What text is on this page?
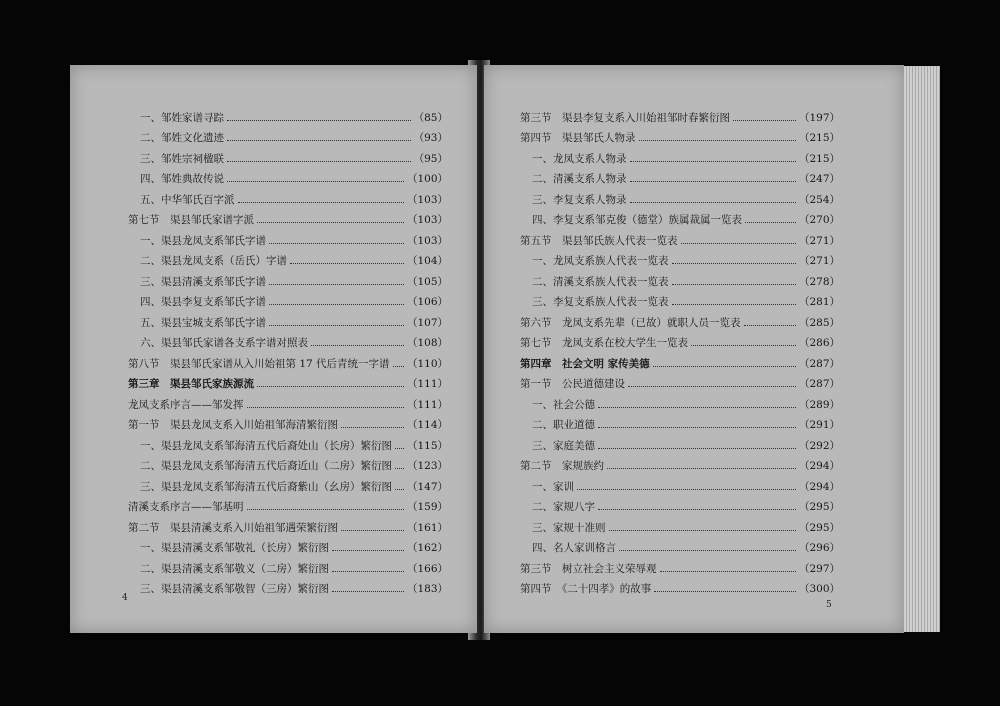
一、邹姓家谱寻踪	（85）
二、邹姓文化遗迹	（93）
三、邹姓宗祠楹联	（95）
四、邹姓典故传说	（100）
五、中华邹氏百字派	（103）
第七节　渠县邹氏家谱字派	（103）
一、渠县龙凤支系邹氏字谱	（103）
二、渠县龙凤支系（岳氏）字谱	（104）
三、渠县清溪支系邹氏字谱	（105）
四、渠县李复支系邹氏字谱	（106）
五、渠县宝城支系邹氏字谱	（107）
六、渠县邹氏家谱各支系字谱对照表	（108）
第八节　渠县邹氏家谱从入川始祖第 17 代后青统一字谱 （110）
第三章　渠县邹氏家族源流	（111）
龙凤支系序言——邹发挥	（111）
第一节　渠县龙凤支系入川始祖邹海清繁衍图	（114）
一、渠县龙凤支系邹海清五代后裔处山（长房）繁衍图 （115）
二、渠县龙凤支系邹海清五代后裔近山（二房）繁衍图 （123）
三、渠县龙凤支系邹海清五代后裔紫山（幺房）繁衍图 （147）
清溪支系序言——邹基明	（159）
第二节　渠县清溪支系入川始祖邹遇荣繁衍图	（161）
一、渠县清溪支系邹敬礼（长房）繁衍图	（162）
二、渠县清溪支系邹敬义（二房）繁衍图	（166）
三、渠县清溪支系邹敬智（三房）繁衍图	（183）
4
第三节　渠县李复支系入川始祖邹时春繁衍图	（197）
第四节　渠县邹氏人物录	（215）
一、龙凤支系人物录	（215）
二、清溪支系人物录	（247）
三、李复支系人物录	（254）
四、李复支系邹克俊（德堂）族属裁属一览表	（270）
第五节　渠县邹氏族人代表一览表	（271）
一、龙凤支系族人代表一览表	（271）
二、清溪支系族人代表一览表	（278）
三、李复支系族人代表一览表	（281）
第六节　龙凤支系先辈（已故）就职人员一览表	（285）
第七节　龙凤支系在校大学生一览表	（286）
第四章　社会文明 家传美德	（287）
第一节　公民道德建设	（287）
一、社会公德	（289）
二、职业道德	（291）
三、家庭美德	（292）
第二节　家规族约	（294）
一、家训	（294）
二、家规八字	（295）
三、家规十准则	（295）
四、名人家训格言	（296）
第三节　树立社会主义荣辱观	（297）
第四节　《二十四孝》的故事	（300）
5
